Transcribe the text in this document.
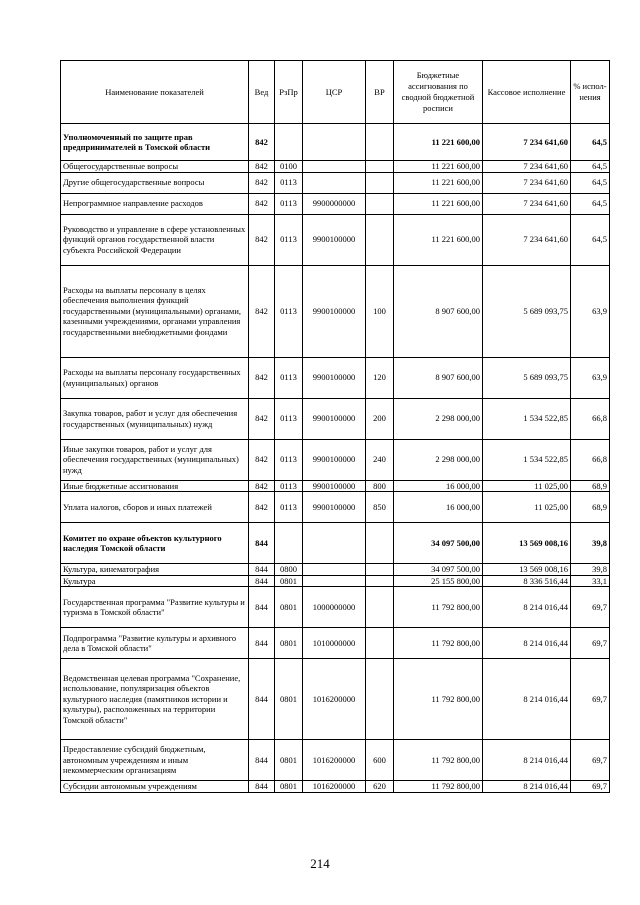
Наименование показателей	Вед	РзПр	ЦСР	ВР	Бюджетные ассигнования по сводной бюджетной росписи	Кассовое исполнение	% испол-нения
Уполномоченный по защите прав предпринимателей в Томской области	842				11 221 600,00	7 234 641,60	64,5
Общегосударственные вопросы	842	0100			11 221 600,00	7 234 641,60	64,5
Другие общегосударственные вопросы	842	0113			11 221 600,00	7 234 641,60	64,5
Непрограммное направление расходов	842	0113	9900000000		11 221 600,00	7 234 641,60	64,5
Руководство и управление в сфере установленных функций органов государственной власти субъекта Российской Федерации	842	0113	9900100000		11 221 600,00	7 234 641,60	64,5
Расходы на выплаты персоналу в целях обеспечения выполнения функций государственными (муниципальными) органами, казенными учреждениями, органами управления государственными внебюджетными фондами	842	0113	9900100000	100	8 907 600,00	5 689 093,75	63,9
Расходы на выплаты персоналу государственных (муниципальных) органов	842	0113	9900100000	120	8 907 600,00	5 689 093,75	63,9
Закупка товаров, работ и услуг для обеспечения государственных (муниципальных) нужд	842	0113	9900100000	200	2 298 000,00	1 534 522,85	66,8
Иные закупки товаров, работ и услуг для обеспечения государственных (муниципальных) нужд	842	0113	9900100000	240	2 298 000,00	1 534 522,85	66,8
Иные бюджетные ассигнования	842	0113	9900100000	800	16 000,00	11 025,00	68,9
Уплата налогов, сборов и иных платежей	842	0113	9900100000	850	16 000,00	11 025,00	68,9
Комитет по охране объектов культурного наследия Томской области	844				34 097 500,00	13 569 008,16	39,8
Культура, кинематография	844	0800			34 097 500,00	13 569 008,16	39,8
Культура	844	0801			25 155 800,00	8 336 516,44	33,1
Государственная программа "Развитие культуры и туризма в Томской области"	844	0801	1000000000		11 792 800,00	8 214 016,44	69,7
Подпрограмма "Развитие культуры и архивного дела в Томской области"	844	0801	1010000000		11 792 800,00	8 214 016,44	69,7
Ведомственная целевая программа "Сохранение, использование, популяризация объектов культурного наследия (памятников истории и культуры), расположенных на территории Томской области"	844	0801	1016200000		11 792 800,00	8 214 016,44	69,7
Предоставление субсидий бюджетным, автономным учреждениям и иным некоммерческим организациям	844	0801	1016200000	600	11 792 800,00	8 214 016,44	69,7
Субсидии автономным учреждениям	844	0801	1016200000	620	11 792 800,00	8 214 016,44	69,7
214
